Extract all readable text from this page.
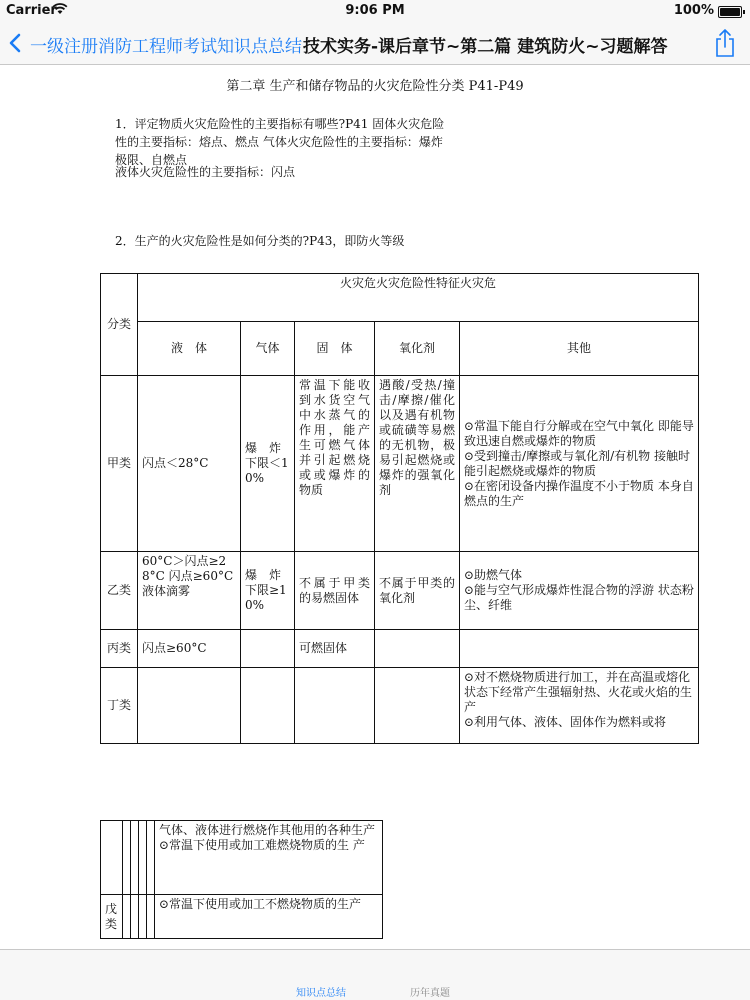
Carrier	9:06 PM	100%
一级注册消防工程师考试知识点总结 技术实务-课后章节~第二篇 建筑防火~习题解答
第二章 生产和储存物品的火灾危险性分类 P41-P49
1．评定物质火灾危险性的主要指标有哪些?P41 固体火灾危险性的主要指标：熔点、燃点 气体火灾危险性的主要指标：爆炸极限、自燃点
液体火灾危险性的主要指标：闪点
2．生产的火灾危险性是如何分类的?P43，即防火等级
分类	火灾危火灾危险性特征火灾危				
	液　体	气体	固　体	氧化剂	其他
甲类	闪点＜28°C	爆　炸下限＜10%	常温下能收到水货空气中水蒸气的作用，能产生可燃气体并引起燃烧或或爆炸的物质	遇酸/受热/撞击/摩擦/催化以及遇有机物或硫磺等易燃的无机物，极易引起燃烧或爆炸的强氧化剂	⊙常温下能自行分解或在空气中氧化 即能导致迅速自燃或爆炸的物质
⊙受到撞击/摩擦或与氧化剂/有机物 接触时能引起燃烧或爆炸的物质
⊙在密闭设备内操作温度不小于物质 本身自燃点的生产
乙类	60°C＞闪点≥28°C 闪点≥60°C 液体滴雾	爆　炸下限≥10%	不属于甲类的易燃固体	不属于甲类的氧化剂	⊙助燃气体
⊙能与空气形成爆炸性混合物的浮游 状态粉尘、纤维
丙类	闪点≥60°C		可燃固体		
丁类					⊙对不燃烧物质进行加工，并在高温或熔化状态下经常产生强辐射热、火花或火焰的生产
⊙利用气体、液体、固体作为燃料或将
					气体、液体进行燃烧作其他用的各种生产
⊙常温下使用或加工难燃烧物质的生 产
戊类					⊙常温下使用或加工不燃烧物质的生产
知识点总结	历年真题
